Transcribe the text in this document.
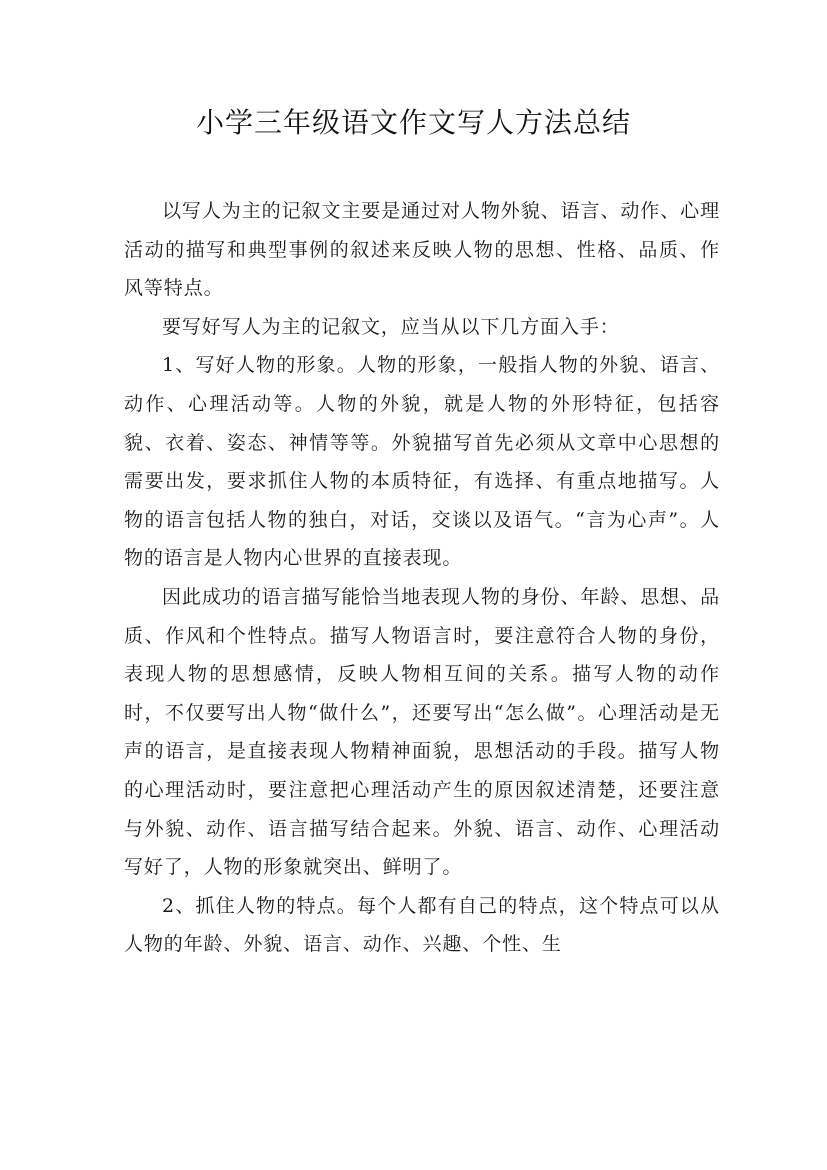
小学三年级语文作文写人方法总结

以写人为主的记叙文主要是通过对人物外貌、语言、动作、心理活动的描写和典型事例的叙述来反映人物的思想、性格、品质、作风等特点。

要写好写人为主的记叙文，应当从以下几方面入手：

1、写好人物的形象。人物的形象，一般指人物的外貌、语言、动作、心理活动等。人物的外貌，就是人物的外形特征，包括容貌、衣着、姿态、神情等等。外貌描写首先必须从文章中心思想的需要出发，要求抓住人物的本质特征，有选择、有重点地描写。人物的语言包括人物的独白，对话，交谈以及语气。“言为心声”。人物的语言是人物内心世界的直接表现。

因此成功的语言描写能恰当地表现人物的身份、年龄、思想、品质、作风和个性特点。描写人物语言时，要注意符合人物的身份，表现人物的思想感情，反映人物相互间的关系。描写人物的动作时，不仅要写出人物“做什么”，还要写出“怎么做”。心理活动是无声的语言，是直接表现人物精神面貌，思想活动的手段。描写人物的心理活动时，要注意把心理活动产生的原因叙述清楚，还要注意与外貌、动作、语言描写结合起来。外貌、语言、动作、心理活动写好了，人物的形象就突出、鲜明了。

2、抓住人物的特点。每个人都有自己的特点，这个特点可以从人物的年龄、外貌、语言、动作、兴趣、个性、生
